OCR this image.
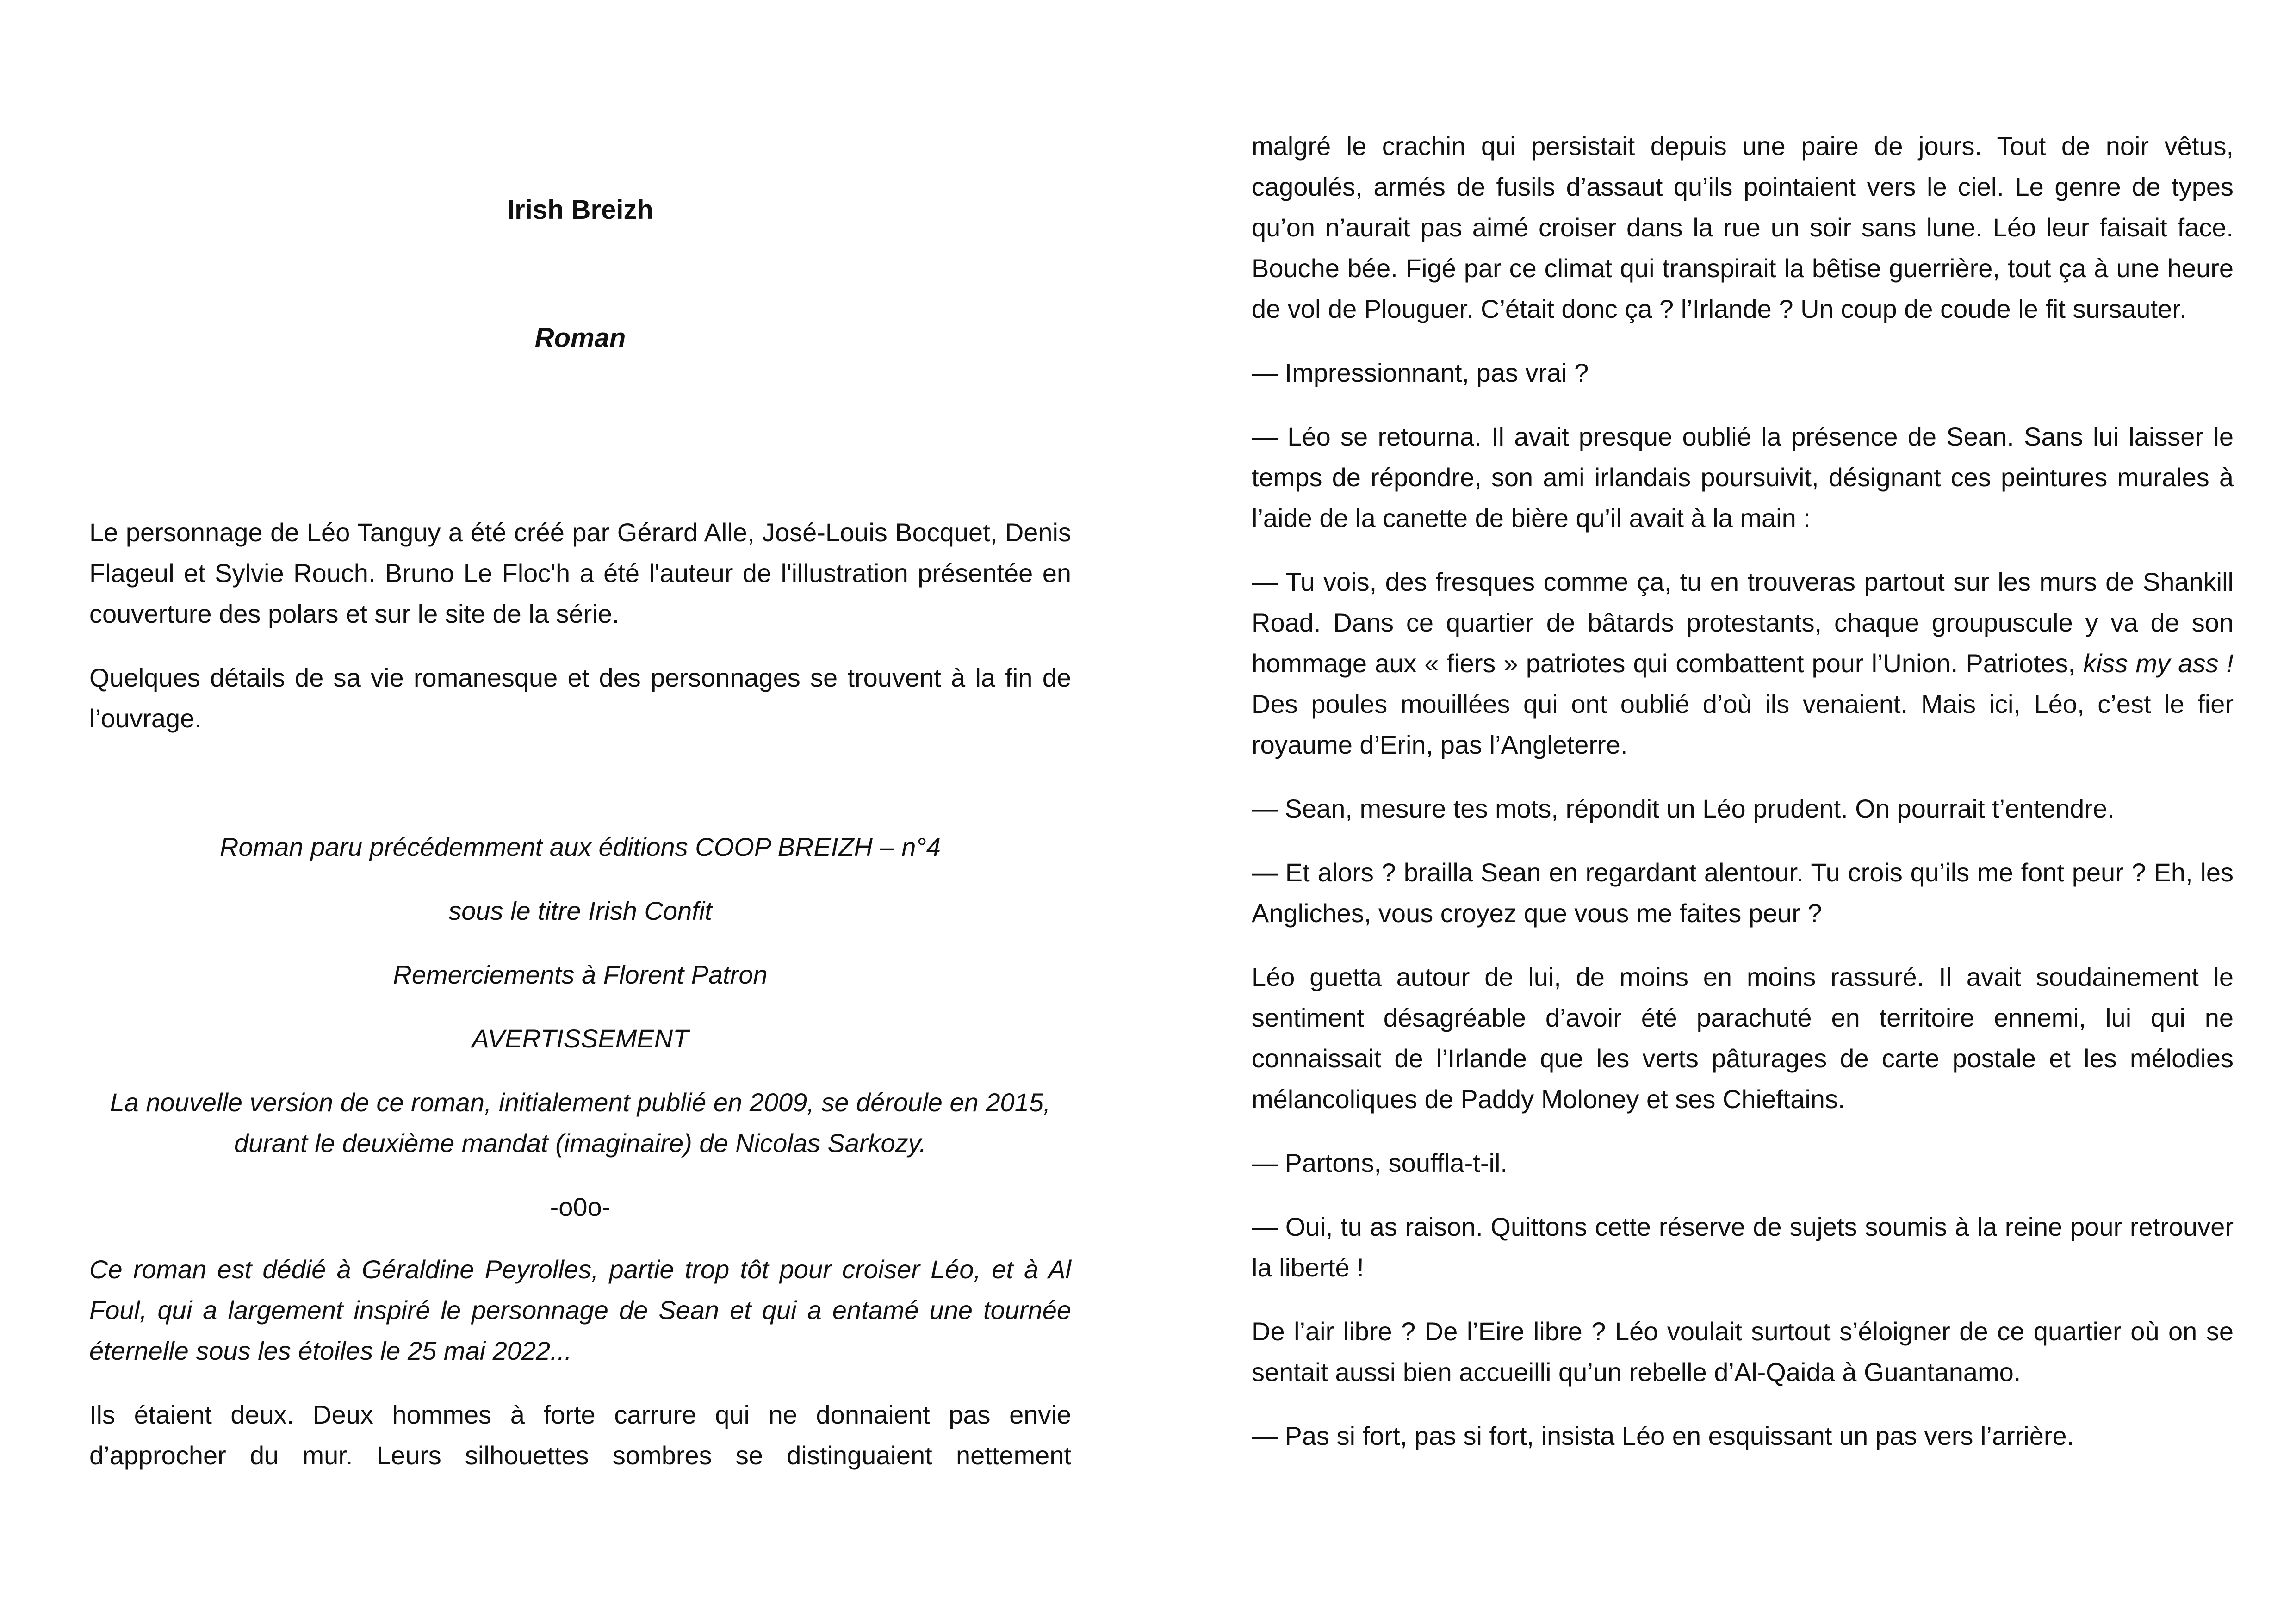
Irish Breizh
Roman

Le personnage de Léo Tanguy a été créé par Gérard Alle, José-Louis Bocquet, Denis Flageul et Sylvie Rouch. Bruno Le Floc'h a été l'auteur de l'illustration présentée en couverture des polars et sur le site de la série.

Quelques détails de sa vie romanesque et des personnages se trouvent à la fin de l’ouvrage.

Roman paru précédemment aux éditions COOP BREIZH – n°4

sous le titre Irish Confit

Remerciements à Florent Patron

AVERTISSEMENT

La nouvelle version de ce roman, initialement publié en 2009, se déroule en 2015, durant le deuxième mandat (imaginaire) de Nicolas Sarkozy.

-o0o-

Ce roman est dédié à Géraldine Peyrolles, partie trop tôt pour croiser Léo, et à Al Foul, qui a largement inspiré le personnage de Sean et qui a entamé une tournée éternelle sous les étoiles le 25 mai 2022...

Ils étaient deux. Deux hommes à forte carrure qui ne donnaient pas envie d’approcher du mur. Leurs silhouettes sombres se distinguaient nettement

malgré le crachin qui persistait depuis une paire de jours. Tout de noir vêtus, cagoulés, armés de fusils d’assaut qu’ils pointaient vers le ciel. Le genre de types qu’on n’aurait pas aimé croiser dans la rue un soir sans lune. Léo leur faisait face. Bouche bée. Figé par ce climat qui transpirait la bêtise guerrière, tout ça à une heure de vol de Plouguer. C’était donc ça ? l’Irlande ? Un coup de coude le fit sursauter.

— Impressionnant, pas vrai ?

— Léo se retourna. Il avait presque oublié la présence de Sean. Sans lui laisser le temps de répondre, son ami irlandais poursuivit, désignant ces peintures murales à l’aide de la canette de bière qu’il avait à la main :

— Tu vois, des fresques comme ça, tu en trouveras partout sur les murs de Shankill Road. Dans ce quartier de bâtards protestants, chaque groupuscule y va de son hommage aux « fiers » patriotes qui combattent pour l’Union. Patriotes, kiss my ass ! Des poules mouillées qui ont oublié d’où ils venaient. Mais ici, Léo, c’est le fier royaume d’Erin, pas l’Angleterre.

— Sean, mesure tes mots, répondit un Léo prudent. On pourrait t’entendre.

— Et alors ? brailla Sean en regardant alentour. Tu crois qu’ils me font peur ? Eh, les Angliches, vous croyez que vous me faites peur ?

Léo guetta autour de lui, de moins en moins rassuré. Il avait soudainement le sentiment désagréable d’avoir été parachuté en territoire ennemi, lui qui ne connaissait de l’Irlande que les verts pâturages de carte postale et les mélodies mélancoliques de Paddy Moloney et ses Chieftains.

— Partons, souffla-t-il.

— Oui, tu as raison. Quittons cette réserve de sujets soumis à la reine pour retrouver la liberté !

De l’air libre ? De l’Eire libre ? Léo voulait surtout s’éloigner de ce quartier où on se sentait aussi bien accueilli qu’un rebelle d’Al-Qaida à Guantanamo.

— Pas si fort, pas si fort, insista Léo en esquissant un pas vers l’arrière.
